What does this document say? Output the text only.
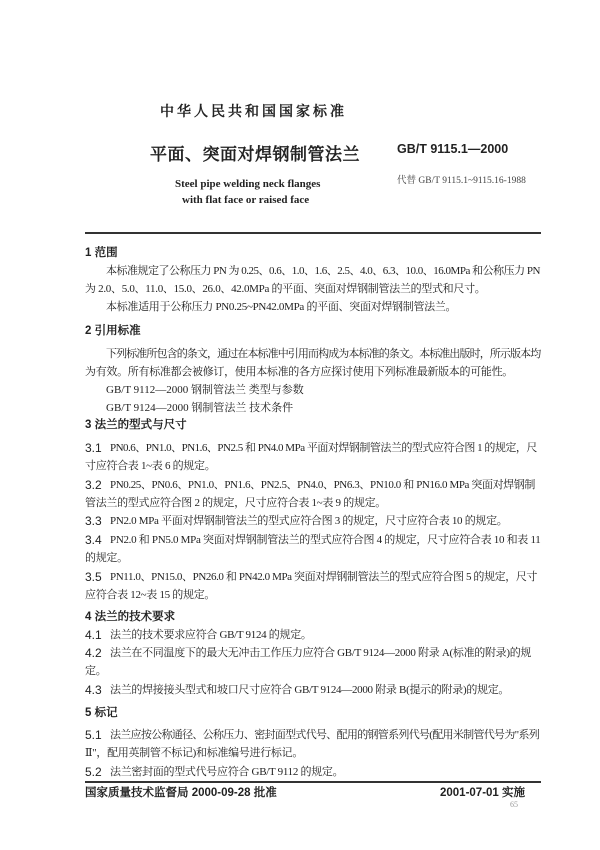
中华人民共和国国家标准
平面、突面对焊钢制管法兰
Steel pipe welding neck flanges
with flat face or raised face
GB/T 9115.1—2000
代替 GB/T 9115.1~9115.16-1988
1 范围
本标准规定了公称压力 PN 为 0.25、0.6、1.0、1.6、2.5、4.0、6.3、10.0、16.0MPa 和公称压力 PN
为 2.0、5.0、11.0、15.0、26.0、42.0MPa 的平面、突面对焊钢制管法兰的型式和尺寸。
本标准适用于公称压力 PN0.25~PN42.0MPa 的平面、突面对焊钢制管法兰。
2 引用标准
下列标准所包含的条文，通过在本标准中引用而构成为本标准的条文。本标准出版时，所示版本均
为有效。所有标准都会被修订，使用本标准的各方应探讨使用下列标准最新版本的可能性。
GB/T 9112—2000 钢制管法兰 类型与参数
GB/T 9124—2000 钢制管法兰 技术条件
3 法兰的型式与尺寸
4 法兰的技术要求
5 标记
国家质量技术监督局 2000-09-28 批准	2001-07-01 实施
65
3.1 PN0.6、PN1.0、PN1.6、PN2.5 和 PN4.0 MPa 平面对焊钢制管法兰的型式应符合图 1 的规定，尺
寸应符合表 1~表 6 的规定。
3.2 PN0.25、PN0.6、PN1.0、PN1.6、PN2.5、PN4.0、PN6.3、PN10.0 和 PN16.0 MPa 突面对焊钢制
管法兰的型式应符合图 2 的规定，尺寸应符合表 1~表 9 的规定。
3.3 PN2.0 MPa 平面对焊钢制管法兰的型式应符合图 3 的规定，尺寸应符合表 10 的规定。
3.4 PN2.0 和 PN5.0 MPa 突面对焊钢制管法兰的型式应符合图 4 的规定，尺寸应符合表 10 和表 11
的规定。
3.5 PN11.0、PN15.0、PN26.0 和 PN42.0 MPa 突面对焊钢制管法兰的型式应符合图 5 的规定，尺寸
应符合表 12~表 15 的规定。
4.1 法兰的技术要求应符合 GB/T 9124 的规定。
4.2 法兰在不同温度下的最大无冲击工作压力应符合 GB/T 9124—2000 附录 A(标准的附录)的规
定。
4.3 法兰的焊接接头型式和坡口尺寸应符合 GB/T 9124—2000 附录 B(提示的附录)的规定。
5.1 法兰应按公称通径、公称压力、密封面型式代号、配用的钢管系列代号(配用米制管代号为"系列
Ⅱ"，配用英制管不标记)和标准编号进行标记。
5.2 法兰密封面的型式代号应符合 GB/T 9112 的规定。
